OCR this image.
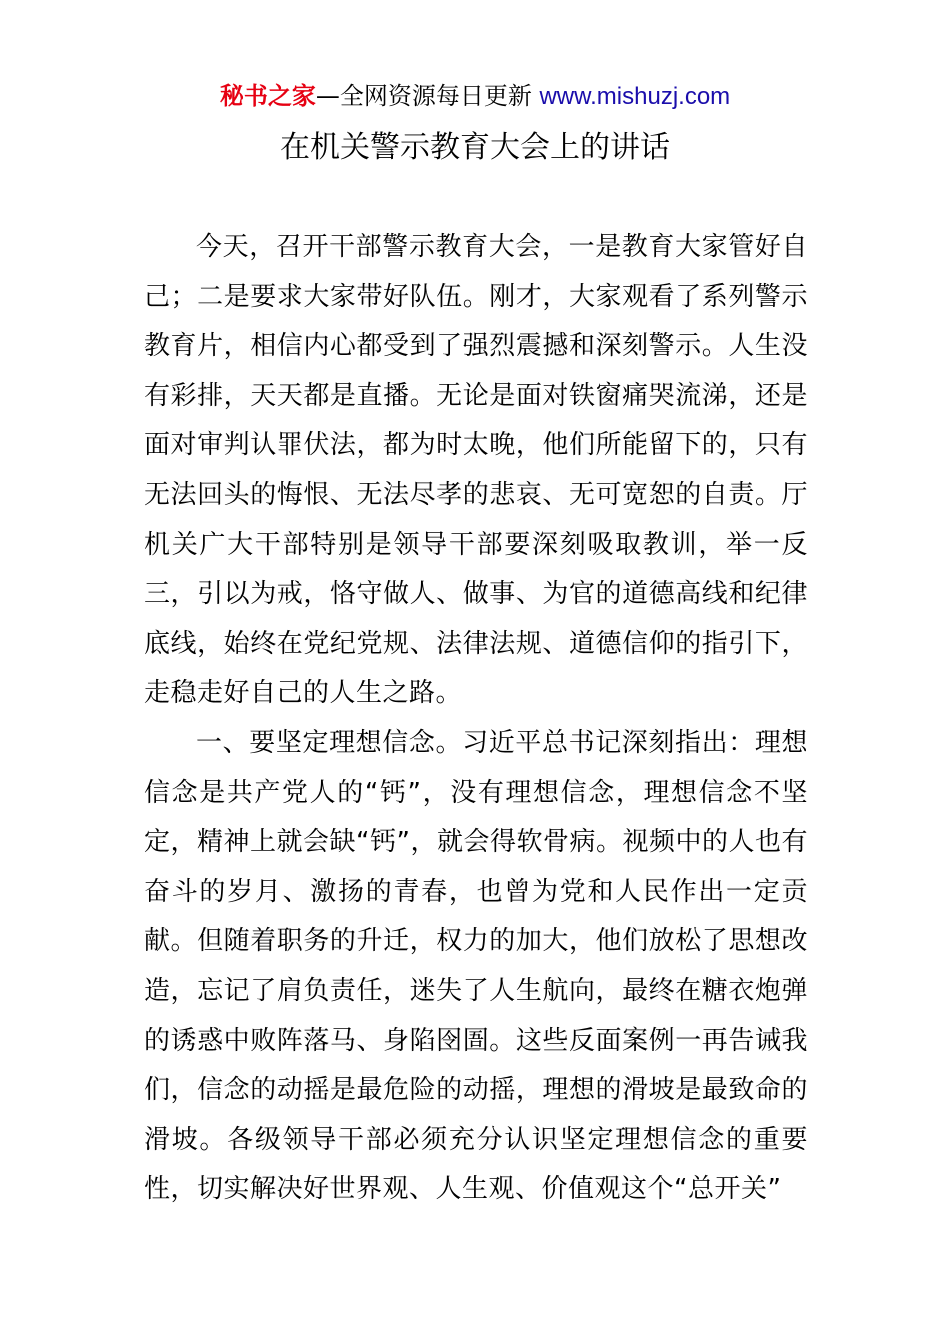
秘书之家—全网资源每日更新 www.mishuzj.com
在机关警示教育大会上的讲话

今天，召开干部警示教育大会，一是教育大家管好自己；二是要求大家带好队伍。刚才，大家观看了系列警示教育片，相信内心都受到了强烈震撼和深刻警示。人生没有彩排，天天都是直播。无论是面对铁窗痛哭流涕，还是面对审判认罪伏法，都为时太晚，他们所能留下的，只有无法回头的悔恨、无法尽孝的悲哀、无可宽恕的自责。厅机关广大干部特别是领导干部要深刻吸取教训，举一反三，引以为戒，恪守做人、做事、为官的道德高线和纪律底线，始终在党纪党规、法律法规、道德信仰的指引下，走稳走好自己的人生之路。

一、要坚定理想信念。习近平总书记深刻指出：理想信念是共产党人的“钙”，没有理想信念，理想信念不坚定，精神上就会缺“钙”，就会得软骨病。视频中的人也有奋斗的岁月、激扬的青春，也曾为党和人民作出一定贡献。但随着职务的升迁，权力的加大，他们放松了思想改造，忘记了肩负责任，迷失了人生航向，最终在糖衣炮弹的诱惑中败阵落马、身陷囹圄。这些反面案例一再告诫我们，信念的动摇是最危险的动摇，理想的滑坡是最致命的滑坡。各级领导干部必须充分认识坚定理想信念的重要性，切实解决好世界观、人生观、价值观这个“总开关”
